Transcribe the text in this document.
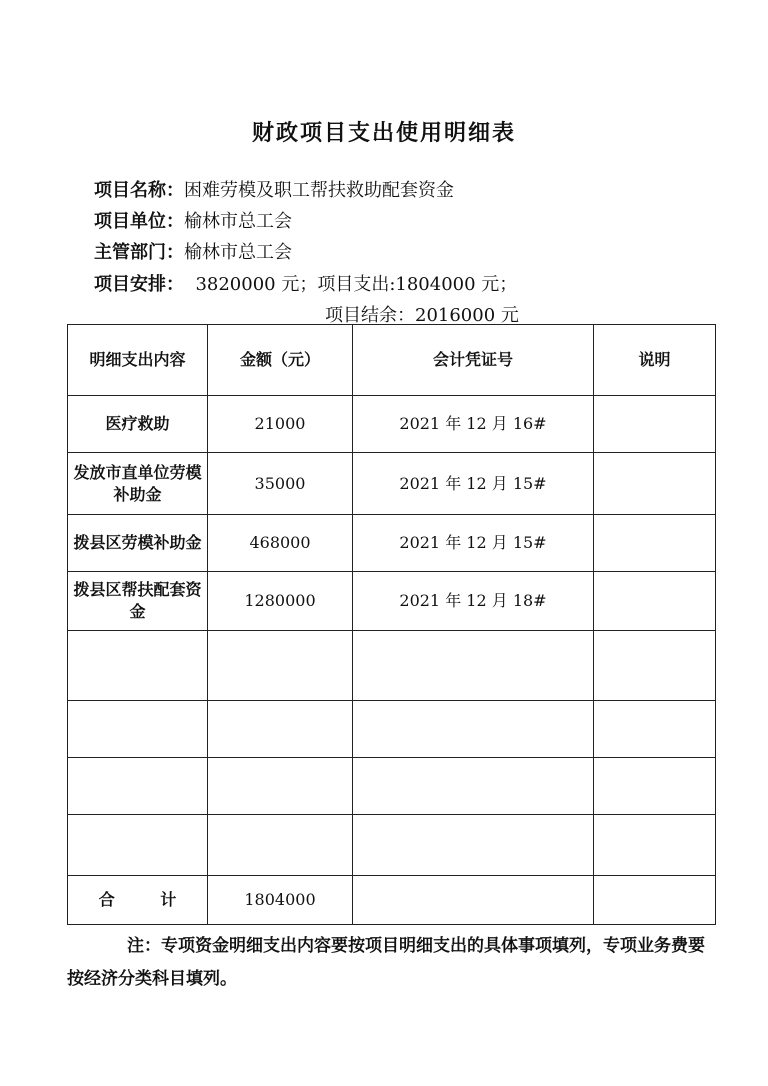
财政项目支出使用明细表
项目名称：困难劳模及职工帮扶救助配套资金
项目单位：榆林市总工会
主管部门：榆林市总工会
项目安排： 3820000 元；项目支出:1804000 元；
项目结余：2016000 元
明细支出内容	金额（元）	会计凭证号	说明
医疗救助	21000	2021 年 12 月 16#	
发放市直单位劳模补助金	35000	2021 年 12 月 15#	
拨县区劳模补助金	468000	2021 年 12 月 15#	
拨县区帮扶配套资金	1280000	2021 年 12 月 18#	

合 计	1804000		
注：专项资金明细支出内容要按项目明细支出的具体事项填列，专项业务费要按经济分类科目填列。
